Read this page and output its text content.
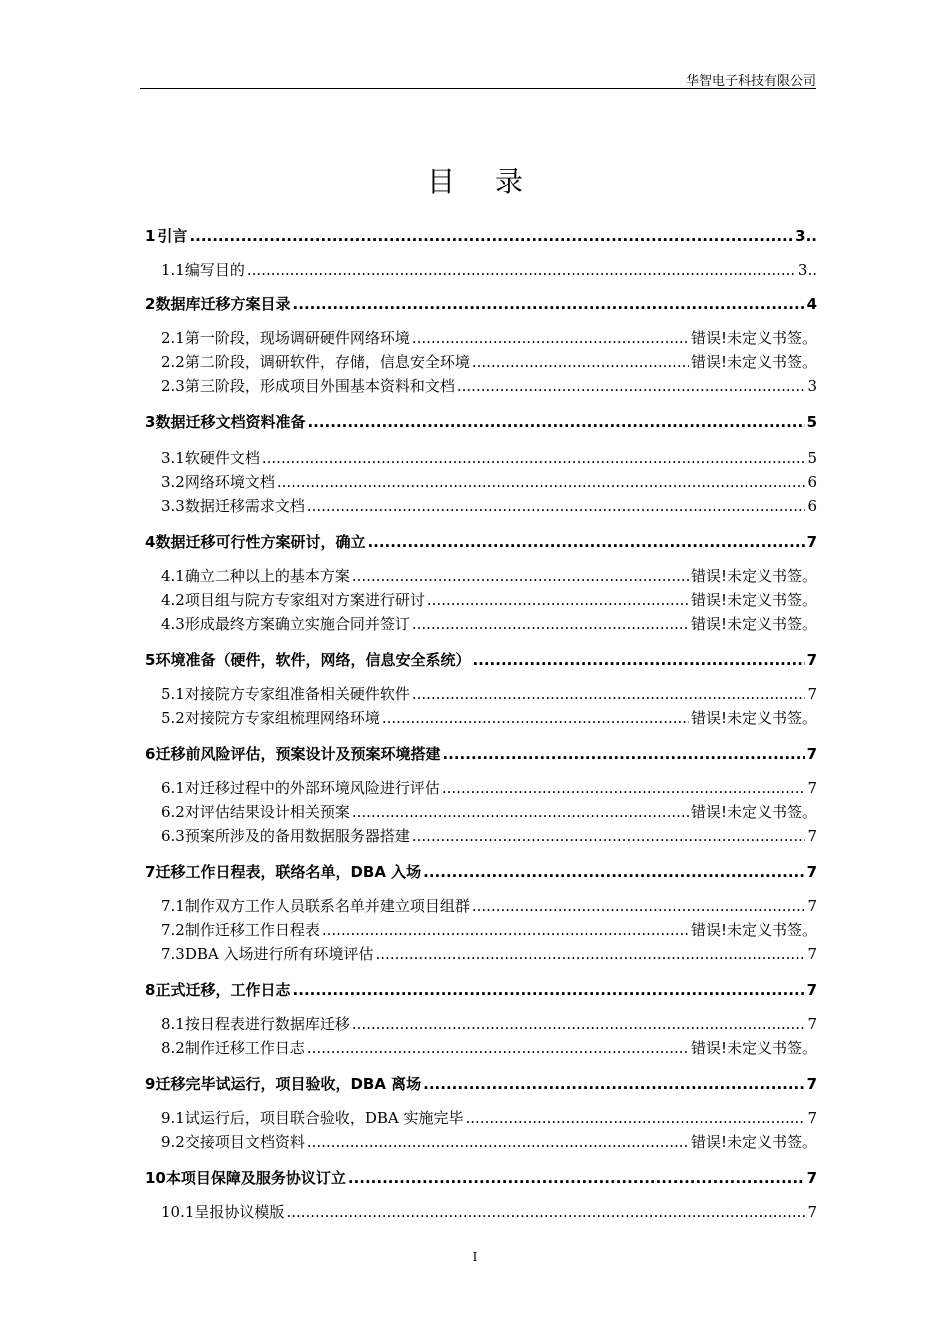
华智电子科技有限公司
目录
1 引言 .....	3..
1.1 编写目的 .....	3..
2 数据库迁移方案目录 .....	4
2.1 第一阶段，现场调研硬件网络环境 .....	错误!未定义书签。
2.2 第二阶段，调研软件，存储，信息安全环境 .....	错误!未定义书签。
2.3 第三阶段，形成项目外围基本资料和文档 .....	3
3 数据迁移文档资料准备 .....	5
3.1 软硬件文档 .....	5
3.2 网络环境文档 .....	6
3.3 数据迁移需求文档 .....	6
4 数据迁移可行性方案研讨，确立 .....	7
4.1 确立二种以上的基本方案 .....	错误!未定义书签。
4.2 项目组与院方专家组对方案进行研讨 .....	错误!未定义书签。
4.3 形成最终方案确立实施合同并签订 .....	错误!未定义书签。
5 环境准备（硬件，软件，网络，信息安全系统） .....	7
5.1 对接院方专家组准备相关硬件软件 .....	7
5.2 对接院方专家组梳理网络环境 .....	错误!未定义书签。
6 迁移前风险评估，预案设计及预案环境搭建 .....	7
6.1 对迁移过程中的外部环境风险进行评估 .....	7
6.2 对评估结果设计相关预案 .....	错误!未定义书签。
6.3 预案所涉及的备用数据服务器搭建 .....	7
7 迁移工作日程表，联络名单，DBA 入场 .....	7
7.1 制作双方工作人员联系名单并建立项目组群 .....	7
7.2 制作迁移工作日程表 .....	错误!未定义书签。
7.3 DBA 入场进行所有环境评估 .....	7
8 正式迁移，工作日志 .....	7
8.1 按日程表进行数据库迁移 .....	7
8.2 制作迁移工作日志 .....	错误!未定义书签。
9 迁移完毕试运行，项目验收，DBA 离场 .....	7
9.1 试运行后，项目联合验收，DBA 实施完毕 .....	7
9.2 交接项目文档资料 .....	错误!未定义书签。
10 本项目保障及服务协议订立 .....	7
10.1 呈报协议模版 .....	7
I
